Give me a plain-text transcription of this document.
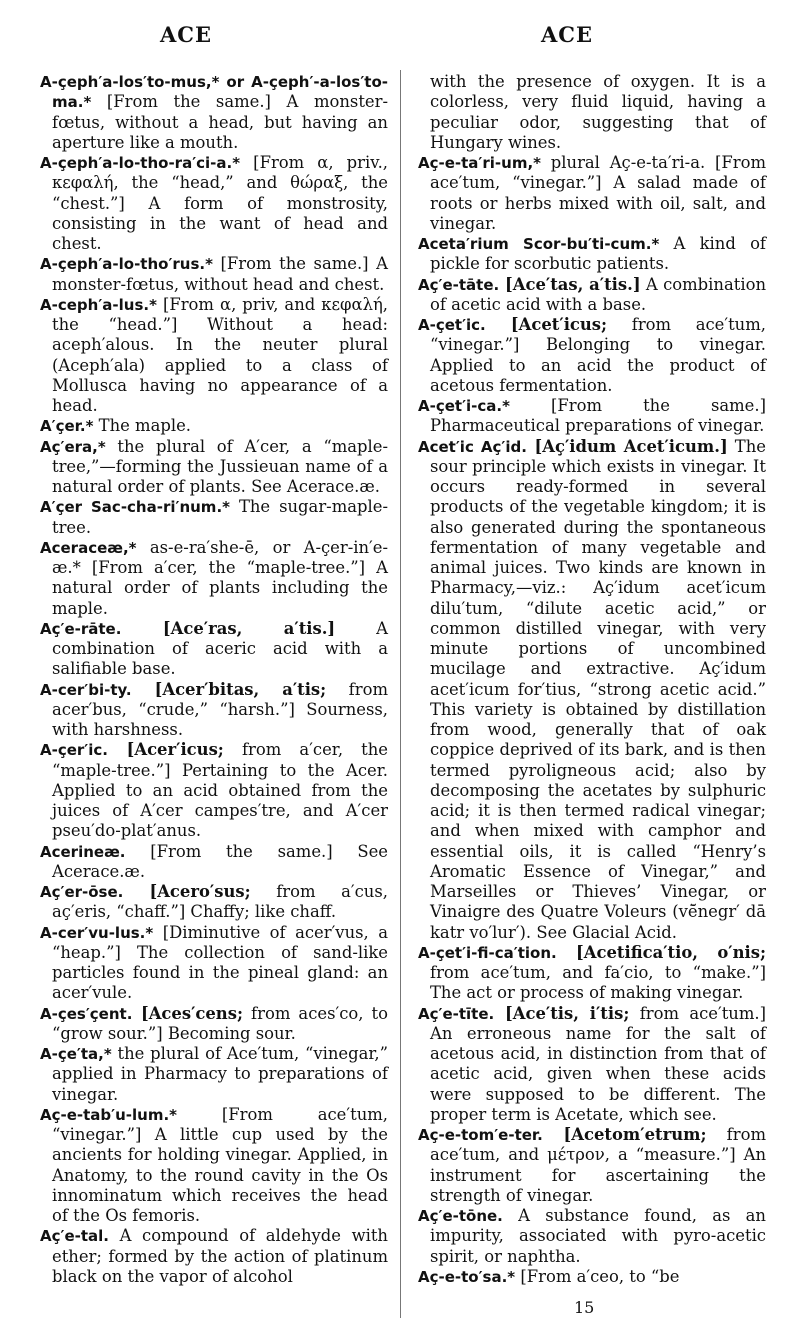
ACE	ACE

A-çeph′a-los′to-mus,* or A-çeph′-a-los′to-ma.* [From the same.] A monster-fœtus, without a head, but having an aperture like a mouth.

A-çeph′a-lo-tho-ra′ci-a.* [From α, priv., κεφαλή, the “head,” and θώραξ, the “chest.”] A form of monstrosity, consisting in the want of head and chest.

A-çeph′a-lo-tho′rus.* [From the same.] A monster-fœtus, without head and chest.

A-ceph′a-lus.* [From α, priv, and κεφαλή, the “head.”] Without a head: aceph′alous. In the neuter plural (Aceph′ala) applied to a class of Mollusca having no appearance of a head.

A′çer.* The maple.

Aç′era,* the plural of A′cer, a “maple-tree,”—forming the Jussieuan name of a natural order of plants. See Acerace.æ.

A′çer Sac-cha-ri′num.* The sugar-maple-tree.

Aceraceæ,* as-e-ra′she-ē, or A-çer-in′e-æ.* [From a′cer, the “maple-tree.”] A natural order of plants including the maple.

Aç′e-rāte. [Ace′ras, a′tis.] A combination of aceric acid with a salifiable base.

A-cer′bi-ty. [Acer′bitas, a′tis; from acer′bus, “crude,” “harsh.”] Sourness, with harshness.

A-çer′ic. [Acer′icus; from a′cer, the “maple-tree.”] Pertaining to the Acer. Applied to an acid obtained from the juices of A′cer campes′tre, and A′cer pseu′do-plat′anus.

Acerineæ. [From the same.] See Acerace.æ.

Aç′er-ōse. [Acero′sus; from a′cus, aç′eris, “chaff.”] Chaffy; like chaff.

A-cer′vu-lus.* [Diminutive of acer′vus, a “heap.”] The collection of sand-like particles found in the pineal gland: an acer′vule.

A-çes′çent. [Aces′cens; from aces′co, to “grow sour.”] Becoming sour.

A-çe′ta,* the plural of Ace′tum, “vinegar,” applied in Pharmacy to preparations of vinegar.

Aç-e-tab′u-lum.* [From ace′tum, “vinegar.”] A little cup used by the ancients for holding vinegar. Applied, in Anatomy, to the round cavity in the Os innominatum which receives the head of the Os femoris.

Aç′e-tal. A compound of aldehyde with ether; formed by the action of platinum black on the vapor of alcohol

with the presence of oxygen. It is a colorless, very fluid liquid, having a peculiar odor, suggesting that of Hungary wines.

Aç-e-ta′ri-um,* plural Aç-e-ta′ri-a. [From ace′tum, “vinegar.”] A salad made of roots or herbs mixed with oil, salt, and vinegar.

Aceta′rium Scor-bu′ti-cum.* A kind of pickle for scorbutic patients.

Aç′e-tāte. [Ace′tas, a′tis.] A combination of acetic acid with a base.

A-çet′ic. [Acet′icus; from ace′tum, “vinegar.”] Belonging to vinegar. Applied to an acid the product of acetous fermentation.

A-çet′i-ca.* [From the same.] Pharmaceutical preparations of vinegar.

Acet′ic Aç′id. [Aç′idum Acet′icum.] The sour principle which exists in vinegar. It occurs ready-formed in several products of the vegetable kingdom; it is also generated during the spontaneous fermentation of many vegetable and animal juices. Two kinds are known in Pharmacy,—viz.: Aç′idum acet′icum dilu′tum, “dilute acetic acid,” or common distilled vinegar, with very minute portions of uncombined mucilage and extractive. Aç′idum acet′icum for′tius, “strong acetic acid.” This variety is obtained by distillation from wood, generally that of oak coppice deprived of its bark, and is then termed pyroligneous acid; also by decomposing the acetates by sulphuric acid; it is then termed radical vinegar; and when mixed with camphor and essential oils, it is called “Henry’s Aromatic Essence of Vinegar,” and Marseilles or Thieves’ Vinegar, or Vinaigre des Quatre Voleurs (vē̆negr′ dā katr vo′lur′). See Glacial Acid.

A-çet′i-fi-ca′tion. [Acetifica′tio, o′nis; from ace′tum, and fa′cio, to “make.”] The act or process of making vinegar.

Aç′e-tīte. [Ace′tis, i′tis; from ace′tum.] An erroneous name for the salt of acetous acid, in distinction from that of acetic acid, given when these acids were supposed to be different. The proper term is Acetate, which see.

Aç-e-tom′e-ter. [Acetom′etrum; from ace′tum, and μέτρον, a “measure.”] An instrument for ascertaining the strength of vinegar.

Aç′e-tōne. A substance found, as an impurity, associated with pyro-acetic spirit, or naphtha.

Aç-e-to′sa.* [From a′ceo, to “be

15
